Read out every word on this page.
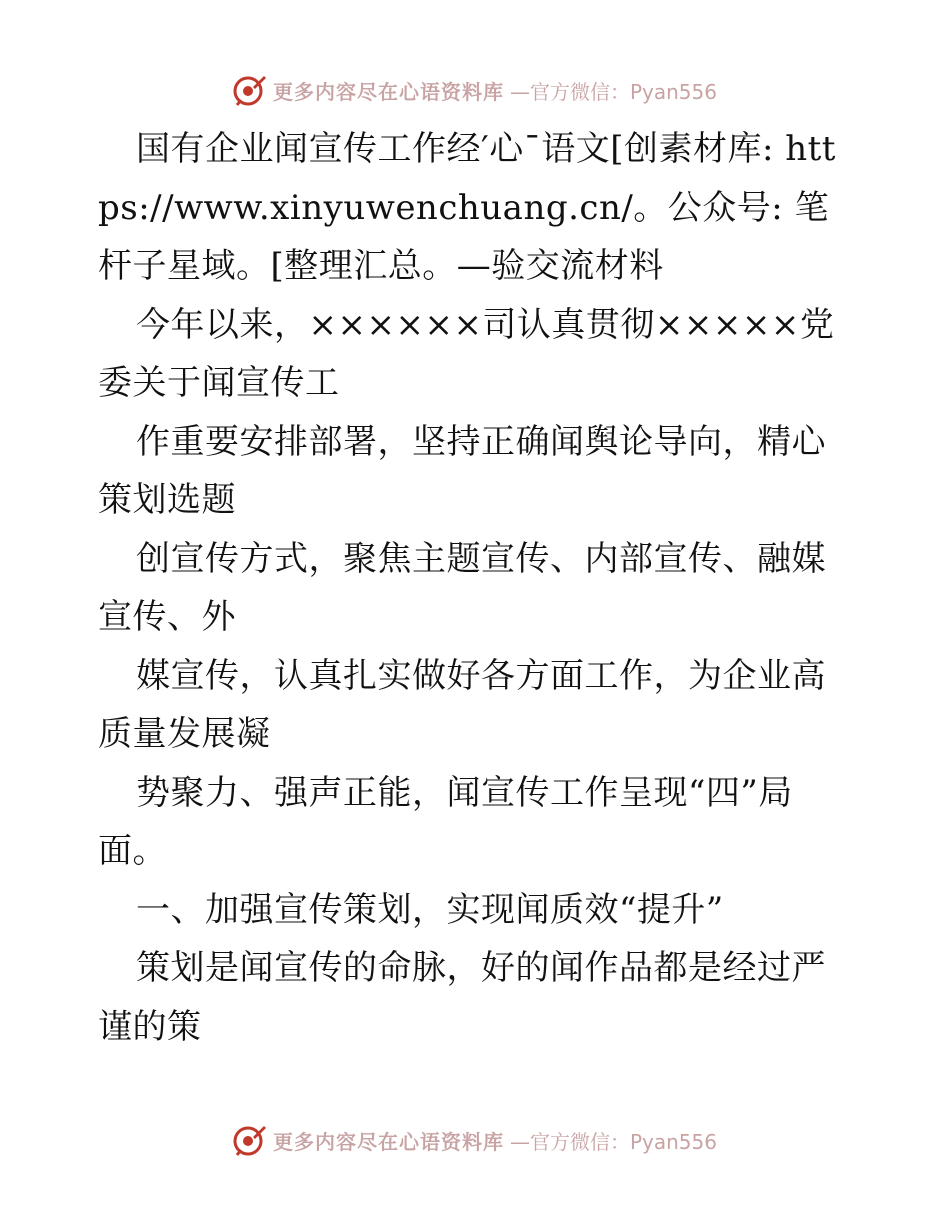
更多内容尽在心语资料库 —官方微信：Pyan556

国有企业闻宣传工作经′心¯语文[创素材库: https://www.xinyuwenchuang.cn/。公众号: 笔杆子星域。[整理汇总。—验交流材料

今年以来，××××××司认真贯彻×××××党委关于闻宣传工

作重要安排部署，坚持正确闻舆论导向，精心策划选题

创宣传方式，聚焦主题宣传、内部宣传、融媒宣传、外

媒宣传，认真扎实做好各方面工作，为企业高质量发展凝

势聚力、强声正能，闻宣传工作呈现“四”局面。

一、加强宣传策划，实现闻质效“提升”

策划是闻宣传的命脉，好的闻作品都是经过严谨的策

更多内容尽在心语资料库 —官方微信：Pyan556
